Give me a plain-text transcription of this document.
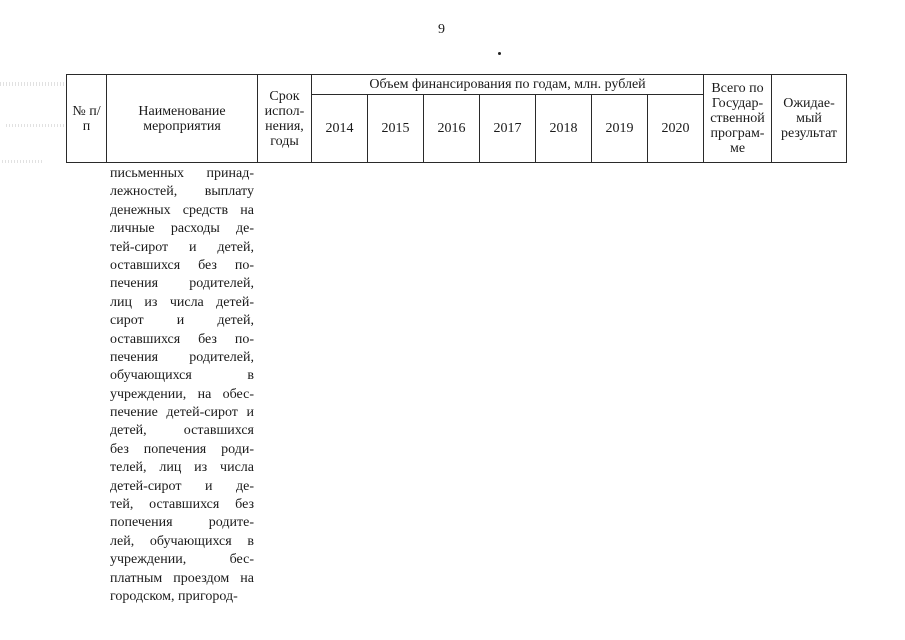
9
№ п/п	Наименование мероприятия	Срок испол-нения, годы	Объем финансирования по годам, млн. рублей							Всего по Государ-ственной програм-ме	Ожидае-мый результат
			2014	2015	2016	2017	2018	2019	2020		
письменных принад-
лежностей, выплату
денежных средств на
личные расходы де-
тей-сирот и детей,
оставшихся без по-
печения родителей,
лиц из числа детей-
сирот и детей,
оставшихся без по-
печения родителей,
обучающихся в
учреждении, на обес-
печение детей-сирот и
детей, оставшихся
без попечения роди-
телей, лиц из числа
детей-сирот и де-
тей, оставшихся без
попечения родите-
лей, обучающихся в
учреждении, бес-
платным проездом на
городском, пригород-
